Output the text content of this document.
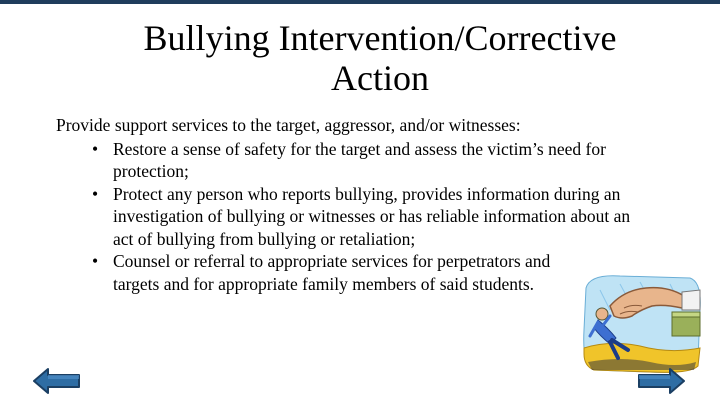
Bullying Intervention/Corrective
Action
Provide support services to the target, aggressor, and/or witnesses:
• Restore a sense of safety for the target and assess the victim’s need for protection;
• Protect any person who reports bullying, provides information during an investigation of bullying or witnesses or has reliable information about an act of bullying from bullying or retaliation;
• Counsel or referral to appropriate services for perpetrators and targets and for appropriate family members of said students.
